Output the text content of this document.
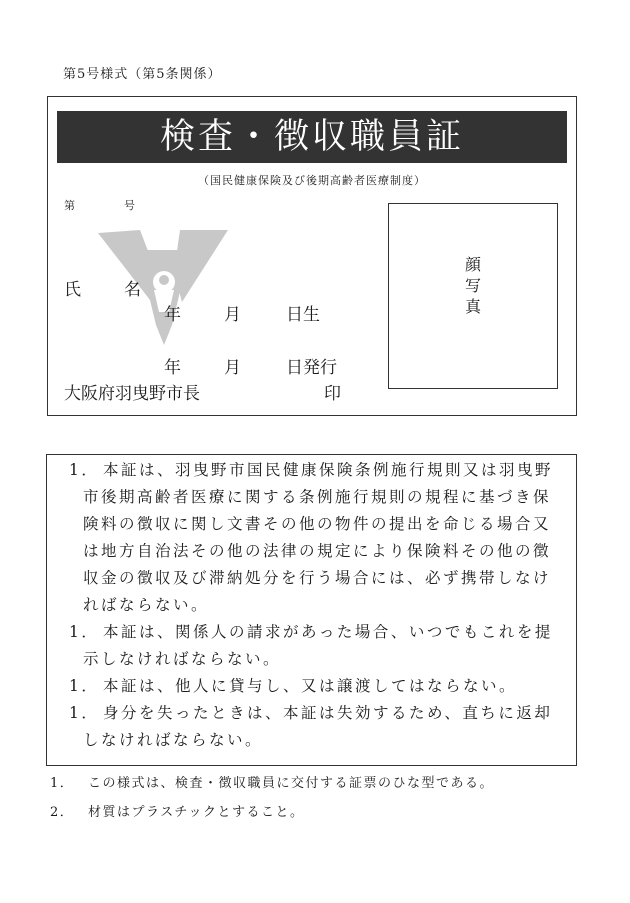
第5号様式（第5条関係）
検査・徴収職員証
（国民健康保険及び後期高齢者医療制度）
第	号
氏	名
年	月	日生
年	月	日発行
大阪府羽曳野市長	印
顔
写
真
1． 本証は、羽曳野市国民健康保険条例施行規則又は羽曳野
市後期高齢者医療に関する条例施行規則の規程に基づき保
険料の徴収に関し文書その他の物件の提出を命じる場合又
は地方自治法その他の法律の規定により保険料その他の徴
収金の徴収及び滞納処分を行う場合には、必ず携帯しなけ
ればならない。
1． 本証は、関係人の請求があった場合、いつでもこれを提
示しなければならない。
1． 本証は、他人に貸与し、又は譲渡してはならない。
1． 身分を失ったときは、本証は失効するため、直ちに返却
しなければならない。
1． この様式は、検査・徴収職員に交付する証票のひな型である。
2． 材質はプラスチックとすること。
